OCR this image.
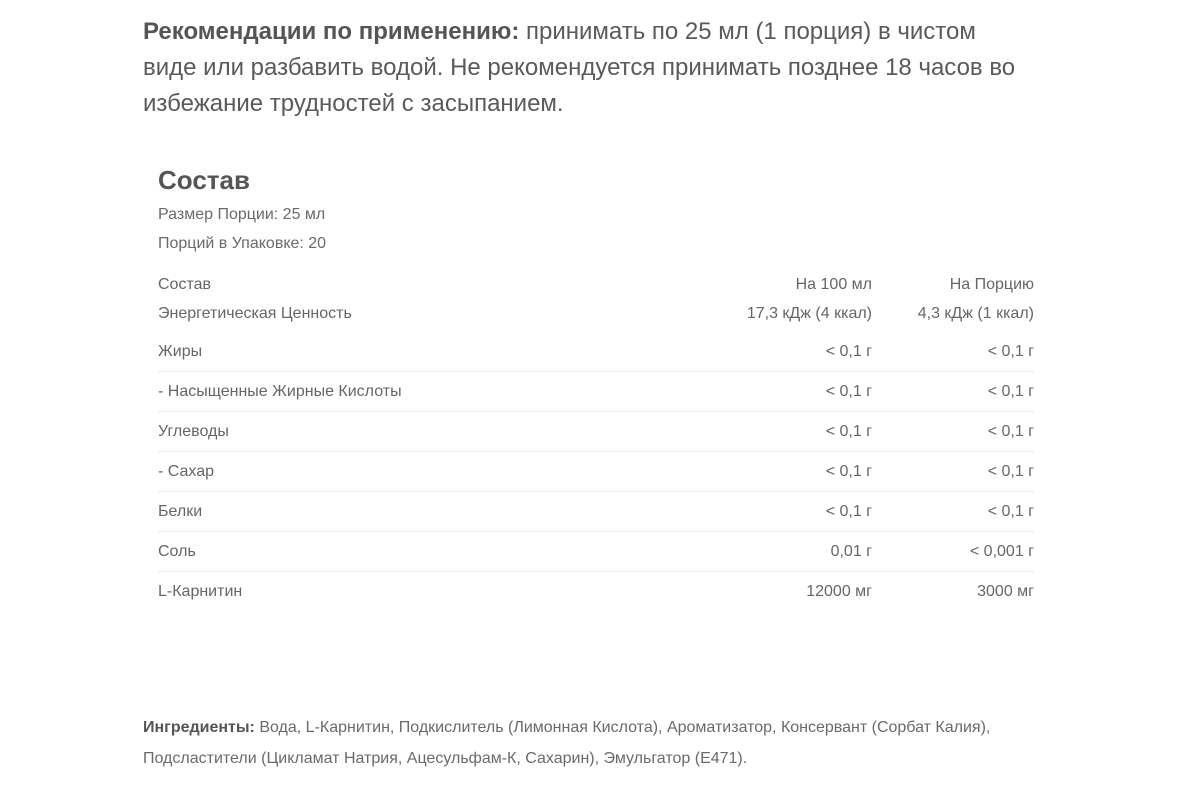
Рекомендации по применению: принимать по 25 мл (1 порция) в чистом виде или разбавить водой. Не рекомендуется принимать позднее 18 часов во избежание трудностей с засыпанием.

Состав

Размер Порции: 25 мл

Порций в Упаковке: 20

Состав	На 100 мл	На Порцию
Энергетическая Ценность	17,3 кДж (4 ккал)	4,3 кДж (1 ккал)
Жиры	< 0,1 г	< 0,1 г
- Насыщенные Жирные Кислоты	< 0,1 г	< 0,1 г
Углеводы	< 0,1 г	< 0,1 г
- Сахар	< 0,1 г	< 0,1 г
Белки	< 0,1 г	< 0,1 г
Соль	0,01 г	< 0,001 г
L-Карнитин	12000 мг	3000 мг

Ингредиенты: Вода, L-Карнитин, Подкислитель (Лимонная Кислота), Ароматизатор, Консервант (Сорбат Калия), Подсластители (Цикламат Натрия, Ацесульфам-К, Сахарин), Эмульгатор (Е471).
